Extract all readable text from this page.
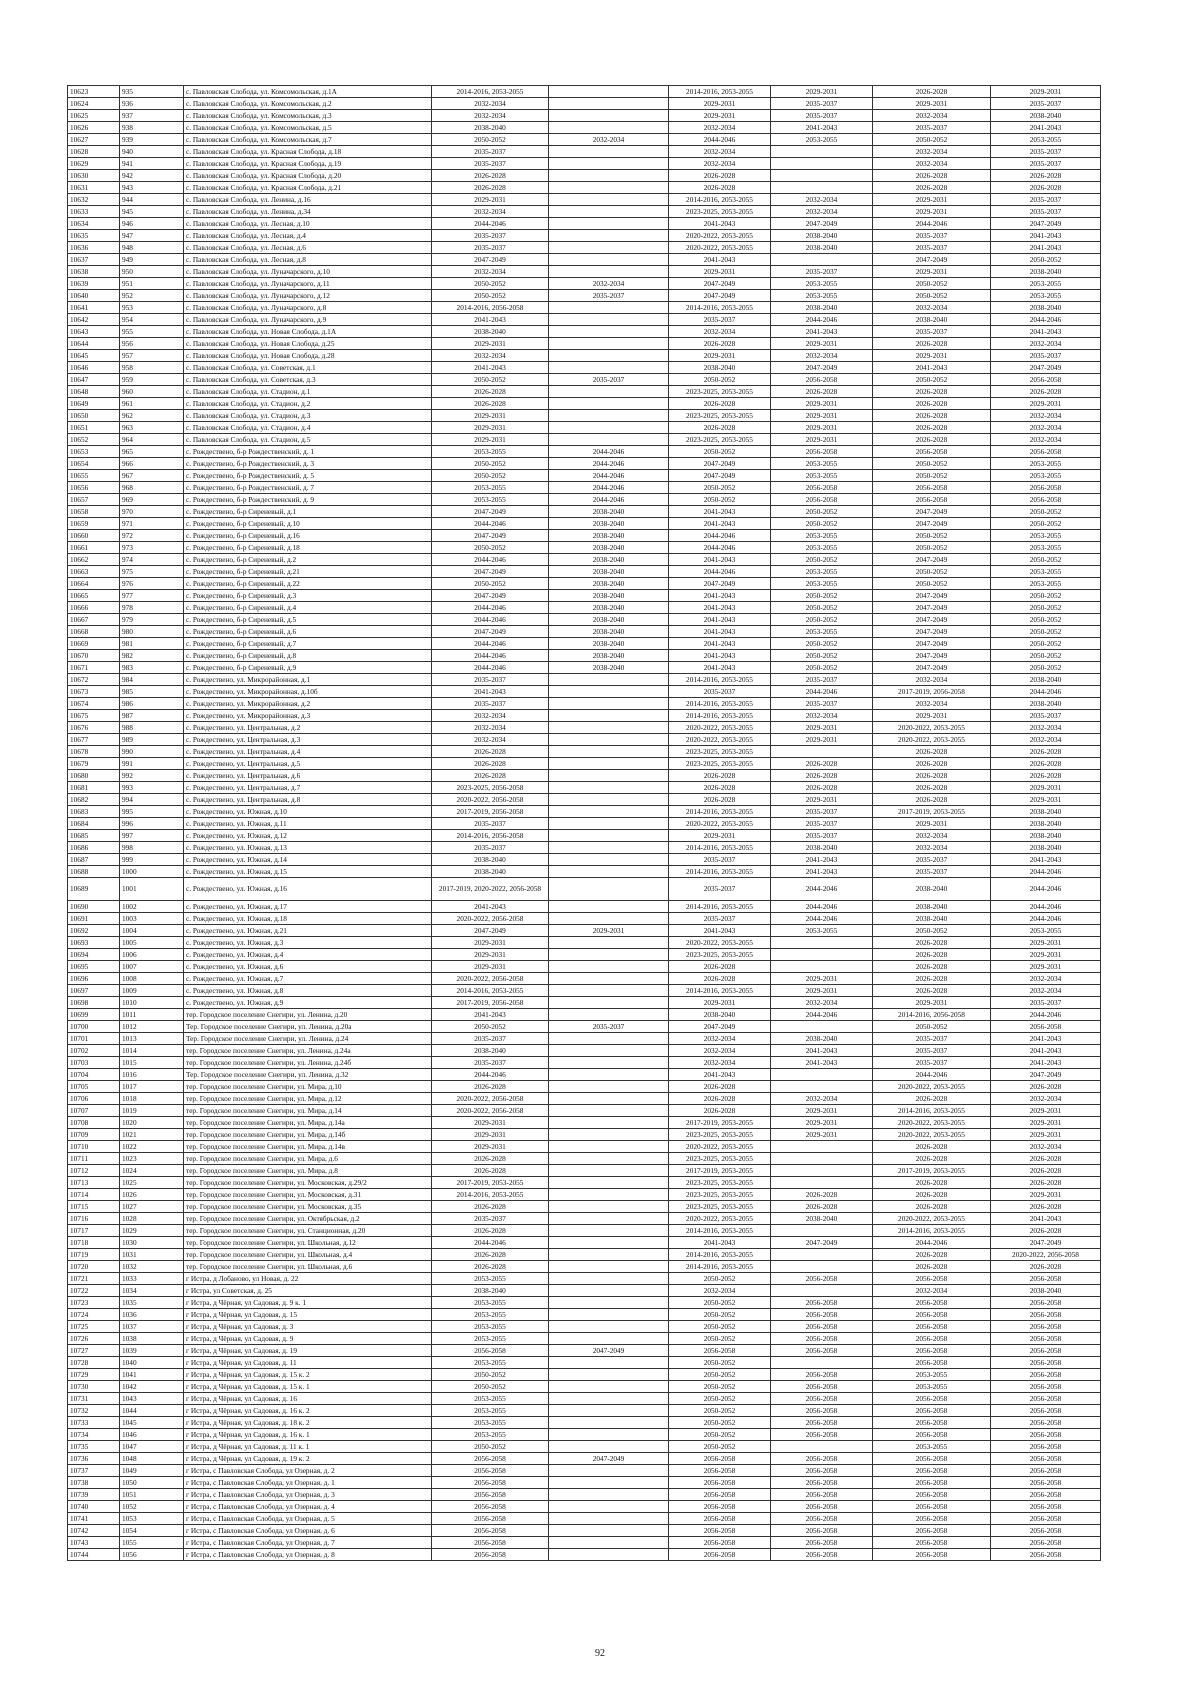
10623	935	с. Павловская Слобода, ул. Комсомольская, д.1А	2014-2016, 2053-2055		2014-2016, 2053-2055	2029-2031	2026-2028	2029-2031
10624	936	с. Павловская Слобода, ул. Комсомольская, д.2	2032-2034		2029-2031	2035-2037	2029-2031	2035-2037
10625	937	с. Павловская Слобода, ул. Комсомольская, д.3	2032-2034		2029-2031	2035-2037	2032-2034	2038-2040
10626	938	с. Павловская Слобода, ул. Комсомольская, д.5	2038-2040		2032-2034	2041-2043	2035-2037	2041-2043
10627	939	с. Павловская Слобода, ул. Комсомольская, д.7	2050-2052	2032-2034	2044-2046	2053-2055	2050-2052	2053-2055
10628	940	с. Павловская Слобода, ул. Красная Слобода, д.18	2035-2037		2032-2034		2032-2034	2035-2037
10629	941	с. Павловская Слобода, ул. Красная Слобода, д.19	2035-2037		2032-2034		2032-2034	2035-2037
10630	942	с. Павловская Слобода, ул. Красная Слобода, д.20	2026-2028		2026-2028		2026-2028	2026-2028
10631	943	с. Павловская Слобода, ул. Красная Слобода, д.21	2026-2028		2026-2028		2026-2028	2026-2028
10632	944	с. Павловская Слобода, ул. Ленина, д.16	2029-2031		2014-2016, 2053-2055	2032-2034	2029-2031	2035-2037
10633	945	с. Павловская Слобода, ул. Ленина, д.34	2032-2034		2023-2025, 2053-2055	2032-2034	2029-2031	2035-2037
10634	946	с. Павловская Слобода, ул. Лесная, д.10	2044-2046		2041-2043	2047-2049	2044-2046	2047-2049
10635	947	с. Павловская Слобода, ул. Лесная, д.4	2035-2037		2020-2022, 2053-2055	2038-2040	2035-2037	2041-2043
10636	948	с. Павловская Слобода, ул. Лесная, д.6	2035-2037		2020-2022, 2053-2055	2038-2040	2035-2037	2041-2043
10637	949	с. Павловская Слобода, ул. Лесная, д.8	2047-2049		2041-2043		2047-2049	2050-2052
10638	950	с. Павловская Слобода, ул. Луначарского, д.10	2032-2034		2029-2031	2035-2037	2029-2031	2038-2040
10639	951	с. Павловская Слобода, ул. Луначарского, д.11	2050-2052	2032-2034	2047-2049	2053-2055	2050-2052	2053-2055
10640	952	с. Павловская Слобода, ул. Луначарского, д.12	2050-2052	2035-2037	2047-2049	2053-2055	2050-2052	2053-2055
10641	953	с. Павловская Слобода, ул. Луначарского, д.8	2014-2016, 2056-2058		2014-2016, 2053-2055	2038-2040	2032-2034	2038-2040
10642	954	с. Павловская Слобода, ул. Луначарского, д.9	2041-2043		2035-2037	2044-2046	2038-2040	2044-2046
10643	955	с. Павловская Слобода, ул. Новая Слобода, д.1А	2038-2040		2032-2034	2041-2043	2035-2037	2041-2043
10644	956	с. Павловская Слобода, ул. Новая Слобода, д.25	2029-2031		2026-2028	2029-2031	2026-2028	2032-2034
10645	957	с. Павловская Слобода, ул. Новая Слобода, д.28	2032-2034		2029-2031	2032-2034	2029-2031	2035-2037
10646	958	с. Павловская Слобода, ул. Советская, д.1	2041-2043		2038-2040	2047-2049	2041-2043	2047-2049
10647	959	с. Павловская Слобода, ул. Советская, д.3	2050-2052	2035-2037	2050-2052	2056-2058	2050-2052	2056-2058
10648	960	с. Павловская Слобода, ул. Стадион, д.1	2026-2028		2023-2025, 2053-2055	2026-2028	2026-2028	2026-2028
10649	961	с. Павловская Слобода, ул. Стадион, д.2	2026-2028		2026-2028	2029-2031	2026-2028	2029-2031
10650	962	с. Павловская Слобода, ул. Стадион, д.3	2029-2031		2023-2025, 2053-2055	2029-2031	2026-2028	2032-2034
10651	963	с. Павловская Слобода, ул. Стадион, д.4	2029-2031		2026-2028	2029-2031	2026-2028	2032-2034
10652	964	с. Павловская Слобода, ул. Стадион, д.5	2029-2031		2023-2025, 2053-2055	2029-2031	2026-2028	2032-2034
10653	965	с. Рождествено, б-р Рождественский, д. 1	2053-2055	2044-2046	2050-2052	2056-2058	2056-2058	2056-2058
10654	966	с. Рождествено, б-р Рождественский, д. 3	2050-2052	2044-2046	2047-2049	2053-2055	2050-2052	2053-2055
10655	967	с. Рождествено, б-р Рождественский, д. 5	2050-2052	2044-2046	2047-2049	2053-2055	2050-2052	2053-2055
10656	968	с. Рождествено, б-р Рождественский, д. 7	2053-2055	2044-2046	2050-2052	2056-2058	2056-2058	2056-2058
10657	969	с. Рождествено, б-р Рождественский, д. 9	2053-2055	2044-2046	2050-2052	2056-2058	2056-2058	2056-2058
10658	970	с. Рождествено, б-р Сиреневый, д.1	2047-2049	2038-2040	2041-2043	2050-2052	2047-2049	2050-2052
10659	971	с. Рождествено, б-р Сиреневый, д.10	2044-2046	2038-2040	2041-2043	2050-2052	2047-2049	2050-2052
10660	972	с. Рождествено, б-р Сиреневый, д.16	2047-2049	2038-2040	2044-2046	2053-2055	2050-2052	2053-2055
10661	973	с. Рождествено, б-р Сиреневый, д.18	2050-2052	2038-2040	2044-2046	2053-2055	2050-2052	2053-2055
10662	974	с. Рождествено, б-р Сиреневый, д.2	2044-2046	2038-2040	2041-2043	2050-2052	2047-2049	2050-2052
10663	975	с. Рождествено, б-р Сиреневый, д.21	2047-2049	2038-2040	2044-2046	2053-2055	2050-2052	2053-2055
10664	976	с. Рождествено, б-р Сиреневый, д.22	2050-2052	2038-2040	2047-2049	2053-2055	2050-2052	2053-2055
10665	977	с. Рождествено, б-р Сиреневый, д.3	2047-2049	2038-2040	2041-2043	2050-2052	2047-2049	2050-2052
10666	978	с. Рождествено, б-р Сиреневый, д.4	2044-2046	2038-2040	2041-2043	2050-2052	2047-2049	2050-2052
10667	979	с. Рождествено, б-р Сиреневый, д.5	2044-2046	2038-2040	2041-2043	2050-2052	2047-2049	2050-2052
10668	980	с. Рождествено, б-р Сиреневый, д.6	2047-2049	2038-2040	2041-2043	2053-2055	2047-2049	2050-2052
10669	981	с. Рождествено, б-р Сиреневый, д.7	2044-2046	2038-2040	2041-2043	2050-2052	2047-2049	2050-2052
10670	982	с. Рождествено, б-р Сиреневый, д.8	2044-2046	2038-2040	2041-2043	2050-2052	2047-2049	2050-2052
10671	983	с. Рождествено, б-р Сиреневый, д.9	2044-2046	2038-2040	2041-2043	2050-2052	2047-2049	2050-2052
10672	984	с. Рождествено, ул. Микрорайонная, д.1	2035-2037		2014-2016, 2053-2055	2035-2037	2032-2034	2038-2040
10673	985	с. Рождествено, ул. Микрорайонная, д.10б	2041-2043		2035-2037	2044-2046	2017-2019, 2056-2058	2044-2046
10674	986	с. Рождествено, ул. Микрорайонная, д.2	2035-2037		2014-2016, 2053-2055	2035-2037	2032-2034	2038-2040
10675	987	с. Рождествено, ул. Микрорайонная, д.3	2032-2034		2014-2016, 2053-2055	2032-2034	2029-2031	2035-2037
10676	988	с. Рождествено, ул. Центральная, д.2	2032-2034		2020-2022, 2053-2055	2029-2031	2020-2022, 2053-2055	2032-2034
10677	989	с. Рождествено, ул. Центральная, д.3	2032-2034		2020-2022, 2053-2055	2029-2031	2020-2022, 2053-2055	2032-2034
10678	990	с. Рождествено, ул. Центральная, д.4	2026-2028		2023-2025, 2053-2055		2026-2028	2026-2028
10679	991	с. Рождествено, ул. Центральная, д.5	2026-2028		2023-2025, 2053-2055	2026-2028	2026-2028	2026-2028
10680	992	с. Рождествено, ул. Центральная, д.6	2026-2028		2026-2028	2026-2028	2026-2028	2026-2028
10681	993	с. Рождествено, ул. Центральная, д.7	2023-2025, 2056-2058		2026-2028	2026-2028	2026-2028	2029-2031
10682	994	с. Рождествено, ул. Центральная, д.8	2020-2022, 2056-2058		2026-2028	2029-2031	2026-2028	2029-2031
10683	995	с. Рождествено, ул. Южная, д.10	2017-2019, 2056-2058		2014-2016, 2053-2055	2035-2037	2017-2019, 2053-2055	2038-2040
10684	996	с. Рождествено, ул. Южная, д.11	2035-2037		2020-2022, 2053-2055	2035-2037	2029-2031	2038-2040
10685	997	с. Рождествено, ул. Южная, д.12	2014-2016, 2056-2058		2029-2031	2035-2037	2032-2034	2038-2040
10686	998	с. Рождествено, ул. Южная, д.13	2035-2037		2014-2016, 2053-2055	2038-2040	2032-2034	2038-2040
10687	999	с. Рождествено, ул. Южная, д.14	2038-2040		2035-2037	2041-2043	2035-2037	2041-2043
10688	1000	с. Рождествено, ул. Южная, д.15	2038-2040		2014-2016, 2053-2055	2041-2043	2035-2037	2044-2046
10689	1001	с. Рождествено, ул. Южная, д.16	2017-2019, 2020-2022, 2056-2058		2035-2037	2044-2046	2038-2040	2044-2046
10690	1002	с. Рождествено, ул. Южная, д.17	2041-2043		2014-2016, 2053-2055	2044-2046	2038-2040	2044-2046
10691	1003	с. Рождествено, ул. Южная, д.18	2020-2022, 2056-2058		2035-2037	2044-2046	2038-2040	2044-2046
10692	1004	с. Рождествено, ул. Южная, д.21	2047-2049	2029-2031	2041-2043	2053-2055	2050-2052	2053-2055
10693	1005	с. Рождествено, ул. Южная, д.3	2029-2031		2020-2022, 2053-2055		2026-2028	2029-2031
10694	1006	с. Рождествено, ул. Южная, д.4	2029-2031		2023-2025, 2053-2055		2026-2028	2029-2031
10695	1007	с. Рождествено, ул. Южная, д.6	2029-2031		2026-2028		2026-2028	2029-2031
10696	1008	с. Рождествено, ул. Южная, д.7	2020-2022, 2056-2058		2026-2028	2029-2031	2026-2028	2032-2034
10697	1009	с. Рождествено, ул. Южная, д.8	2014-2016, 2053-2055		2014-2016, 2053-2055	2029-2031	2026-2028	2032-2034
10698	1010	с. Рождествено, ул. Южная, д.9	2017-2019, 2056-2058		2029-2031	2032-2034	2029-2031	2035-2037
10699	1011	тер. Городское поселение Снегири, ул. Ленина, д.20	2041-2043		2038-2040	2044-2046	2014-2016, 2056-2058	2044-2046
10700	1012	Тер. Городское поселение Снегири, ул. Ленина, д.20а	2050-2052	2035-2037	2047-2049		2050-2052	2056-2058
10701	1013	Тер. Городское поселение Снегири, ул. Ленина, д.24	2035-2037		2032-2034	2038-2040	2035-2037	2041-2043
10702	1014	тер. Городское поселение Снегири, ул. Ленина, д.24а	2038-2040		2032-2034	2041-2043	2035-2037	2041-2043
10703	1015	тер. Городское поселение Снегири, ул. Ленина, д.24б	2035-2037		2032-2034	2041-2043	2035-2037	2041-2043
10704	1016	Тер. Городское поселение Снегири, ул. Ленина, д.32	2044-2046		2041-2043		2044-2046	2047-2049
10705	1017	тер. Городское поселение Снегири, ул. Мира, д.10	2026-2028		2026-2028		2020-2022, 2053-2055	2026-2028
10706	1018	тер. Городское поселение Снегири, ул. Мира, д.12	2020-2022, 2056-2058		2026-2028	2032-2034	2026-2028	2032-2034
10707	1019	тер. Городское поселение Снегири, ул. Мира, д.14	2020-2022, 2056-2058		2026-2028	2029-2031	2014-2016, 2053-2055	2029-2031
10708	1020	тер. Городское поселение Снегири, ул. Мира, д.14а	2029-2031		2017-2019, 2053-2055	2029-2031	2020-2022, 2053-2055	2029-2031
10709	1021	тер. Городское поселение Снегири, ул. Мира, д.14б	2029-2031		2023-2025, 2053-2055	2029-2031	2020-2022, 2053-2055	2029-2031
10710	1022	тер. Городское поселение Снегири, ул. Мира, д.14в	2029-2031		2020-2022, 2053-2055		2026-2028	2032-2034
10711	1023	тер. Городское поселение Снегири, ул. Мира, д.6	2026-2028		2023-2025, 2053-2055		2026-2028	2026-2028
10712	1024	тер. Городское поселение Снегири, ул. Мира, д.8	2026-2028		2017-2019, 2053-2055		2017-2019, 2053-2055	2026-2028
10713	1025	тер. Городское поселение Снегири, ул. Московская, д.29/2	2017-2019, 2053-2055		2023-2025, 2053-2055		2026-2028	2026-2028
10714	1026	тер. Городское поселение Снегири, ул. Московская, д.31	2014-2016, 2053-2055		2023-2025, 2053-2055	2026-2028	2026-2028	2029-2031
10715	1027	тер. Городское поселение Снегири, ул. Московская, д.35	2026-2028		2023-2025, 2053-2055	2026-2028	2026-2028	2026-2028
10716	1028	тер. Городское поселение Снегири, ул. Октябрьская, д.2	2035-2037		2020-2022, 2053-2055	2038-2040	2020-2022, 2053-2055	2041-2043
10717	1029	тер. Городское поселение Снегири, ул. Станционная, д.20	2026-2028		2014-2016, 2053-2055		2014-2016, 2053-2055	2026-2028
10718	1030	тер. Городское поселение Снегири, ул. Школьная, д.12	2044-2046		2041-2043	2047-2049	2044-2046	2047-2049
10719	1031	тер. Городское поселение Снегири, ул. Школьная, д.4	2026-2028		2014-2016, 2053-2055		2026-2028	2020-2022, 2056-2058
10720	1032	тер. Городское поселение Снегири, ул. Школьная, д.6	2026-2028		2014-2016, 2053-2055		2026-2028	2026-2028
10721	1033	г Истра, д Лобаново, ул Новая, д. 22	2053-2055		2050-2052	2056-2058	2056-2058	2056-2058
10722	1034	г Истра, ул Советская, д. 25	2038-2040		2032-2034		2032-2034	2038-2040
10723	1035	г Истра, д Чёрная, ул Садовая, д. 9 к. 1	2053-2055		2050-2052	2056-2058	2056-2058	2056-2058
10724	1036	г Истра, д Чёрная, ул Садовая, д. 15	2053-2055		2050-2052	2056-2058	2056-2058	2056-2058
10725	1037	г Истра, д Чёрная, ул Садовая, д. 3	2053-2055		2050-2052	2056-2058	2056-2058	2056-2058
10726	1038	г Истра, д Чёрная, ул Садовая, д. 9	2053-2055		2050-2052	2056-2058	2056-2058	2056-2058
10727	1039	г Истра, д Чёрная, ул Садовая, д. 19	2056-2058	2047-2049	2056-2058	2056-2058	2056-2058	2056-2058
10728	1040	г Истра, д Чёрная, ул Садовая, д. 11	2053-2055		2050-2052		2056-2058	2056-2058
10729	1041	г Истра, д Чёрная, ул Садовая, д. 15 к. 2	2050-2052		2050-2052	2056-2058	2053-2055	2056-2058
10730	1042	г Истра, д Чёрная, ул Садовая, д. 15 к. 1	2050-2052		2050-2052	2056-2058	2053-2055	2056-2058
10731	1043	г Истра, д Чёрная, ул Садовая, д. 16	2053-2055		2050-2052	2056-2058	2056-2058	2056-2058
10732	1044	г Истра, д Чёрная, ул Садовая, д. 16 к. 2	2053-2055		2050-2052	2056-2058	2056-2058	2056-2058
10733	1045	г Истра, д Чёрная, ул Садовая, д. 18 к. 2	2053-2055		2050-2052	2056-2058	2056-2058	2056-2058
10734	1046	г Истра, д Чёрная, ул Садовая, д. 16 к. 1	2053-2055		2050-2052	2056-2058	2056-2058	2056-2058
10735	1047	г Истра, д Чёрная, ул Садовая, д. 11 к. 1	2050-2052		2050-2052		2053-2055	2056-2058
10736	1048	г Истра, д Чёрная, ул Садовая, д. 19 к. 2	2056-2058	2047-2049	2056-2058	2056-2058	2056-2058	2056-2058
10737	1049	г Истра, с Павловская Слобода, ул Озерная, д. 2	2056-2058		2056-2058	2056-2058	2056-2058	2056-2058
10738	1050	г Истра, с Павловская Слобода, ул Озерная, д. 1	2056-2058		2056-2058	2056-2058	2056-2058	2056-2058
10739	1051	г Истра, с Павловская Слобода, ул Озерная, д. 3	2056-2058		2056-2058	2056-2058	2056-2058	2056-2058
10740	1052	г Истра, с Павловская Слобода, ул Озерная, д. 4	2056-2058		2056-2058	2056-2058	2056-2058	2056-2058
10741	1053	г Истра, с Павловская Слобода, ул Озерная, д. 5	2056-2058		2056-2058	2056-2058	2056-2058	2056-2058
10742	1054	г Истра, с Павловская Слобода, ул Озерная, д. 6	2056-2058		2056-2058	2056-2058	2056-2058	2056-2058
10743	1055	г Истра, с Павловская Слобода, ул Озерная, д. 7	2056-2058		2056-2058	2056-2058	2056-2058	2056-2058
10744	1056	г Истра, с Павловская Слобода, ул Озерная, д. 8	2056-2058		2056-2058	2056-2058	2056-2058	2056-2058
92
